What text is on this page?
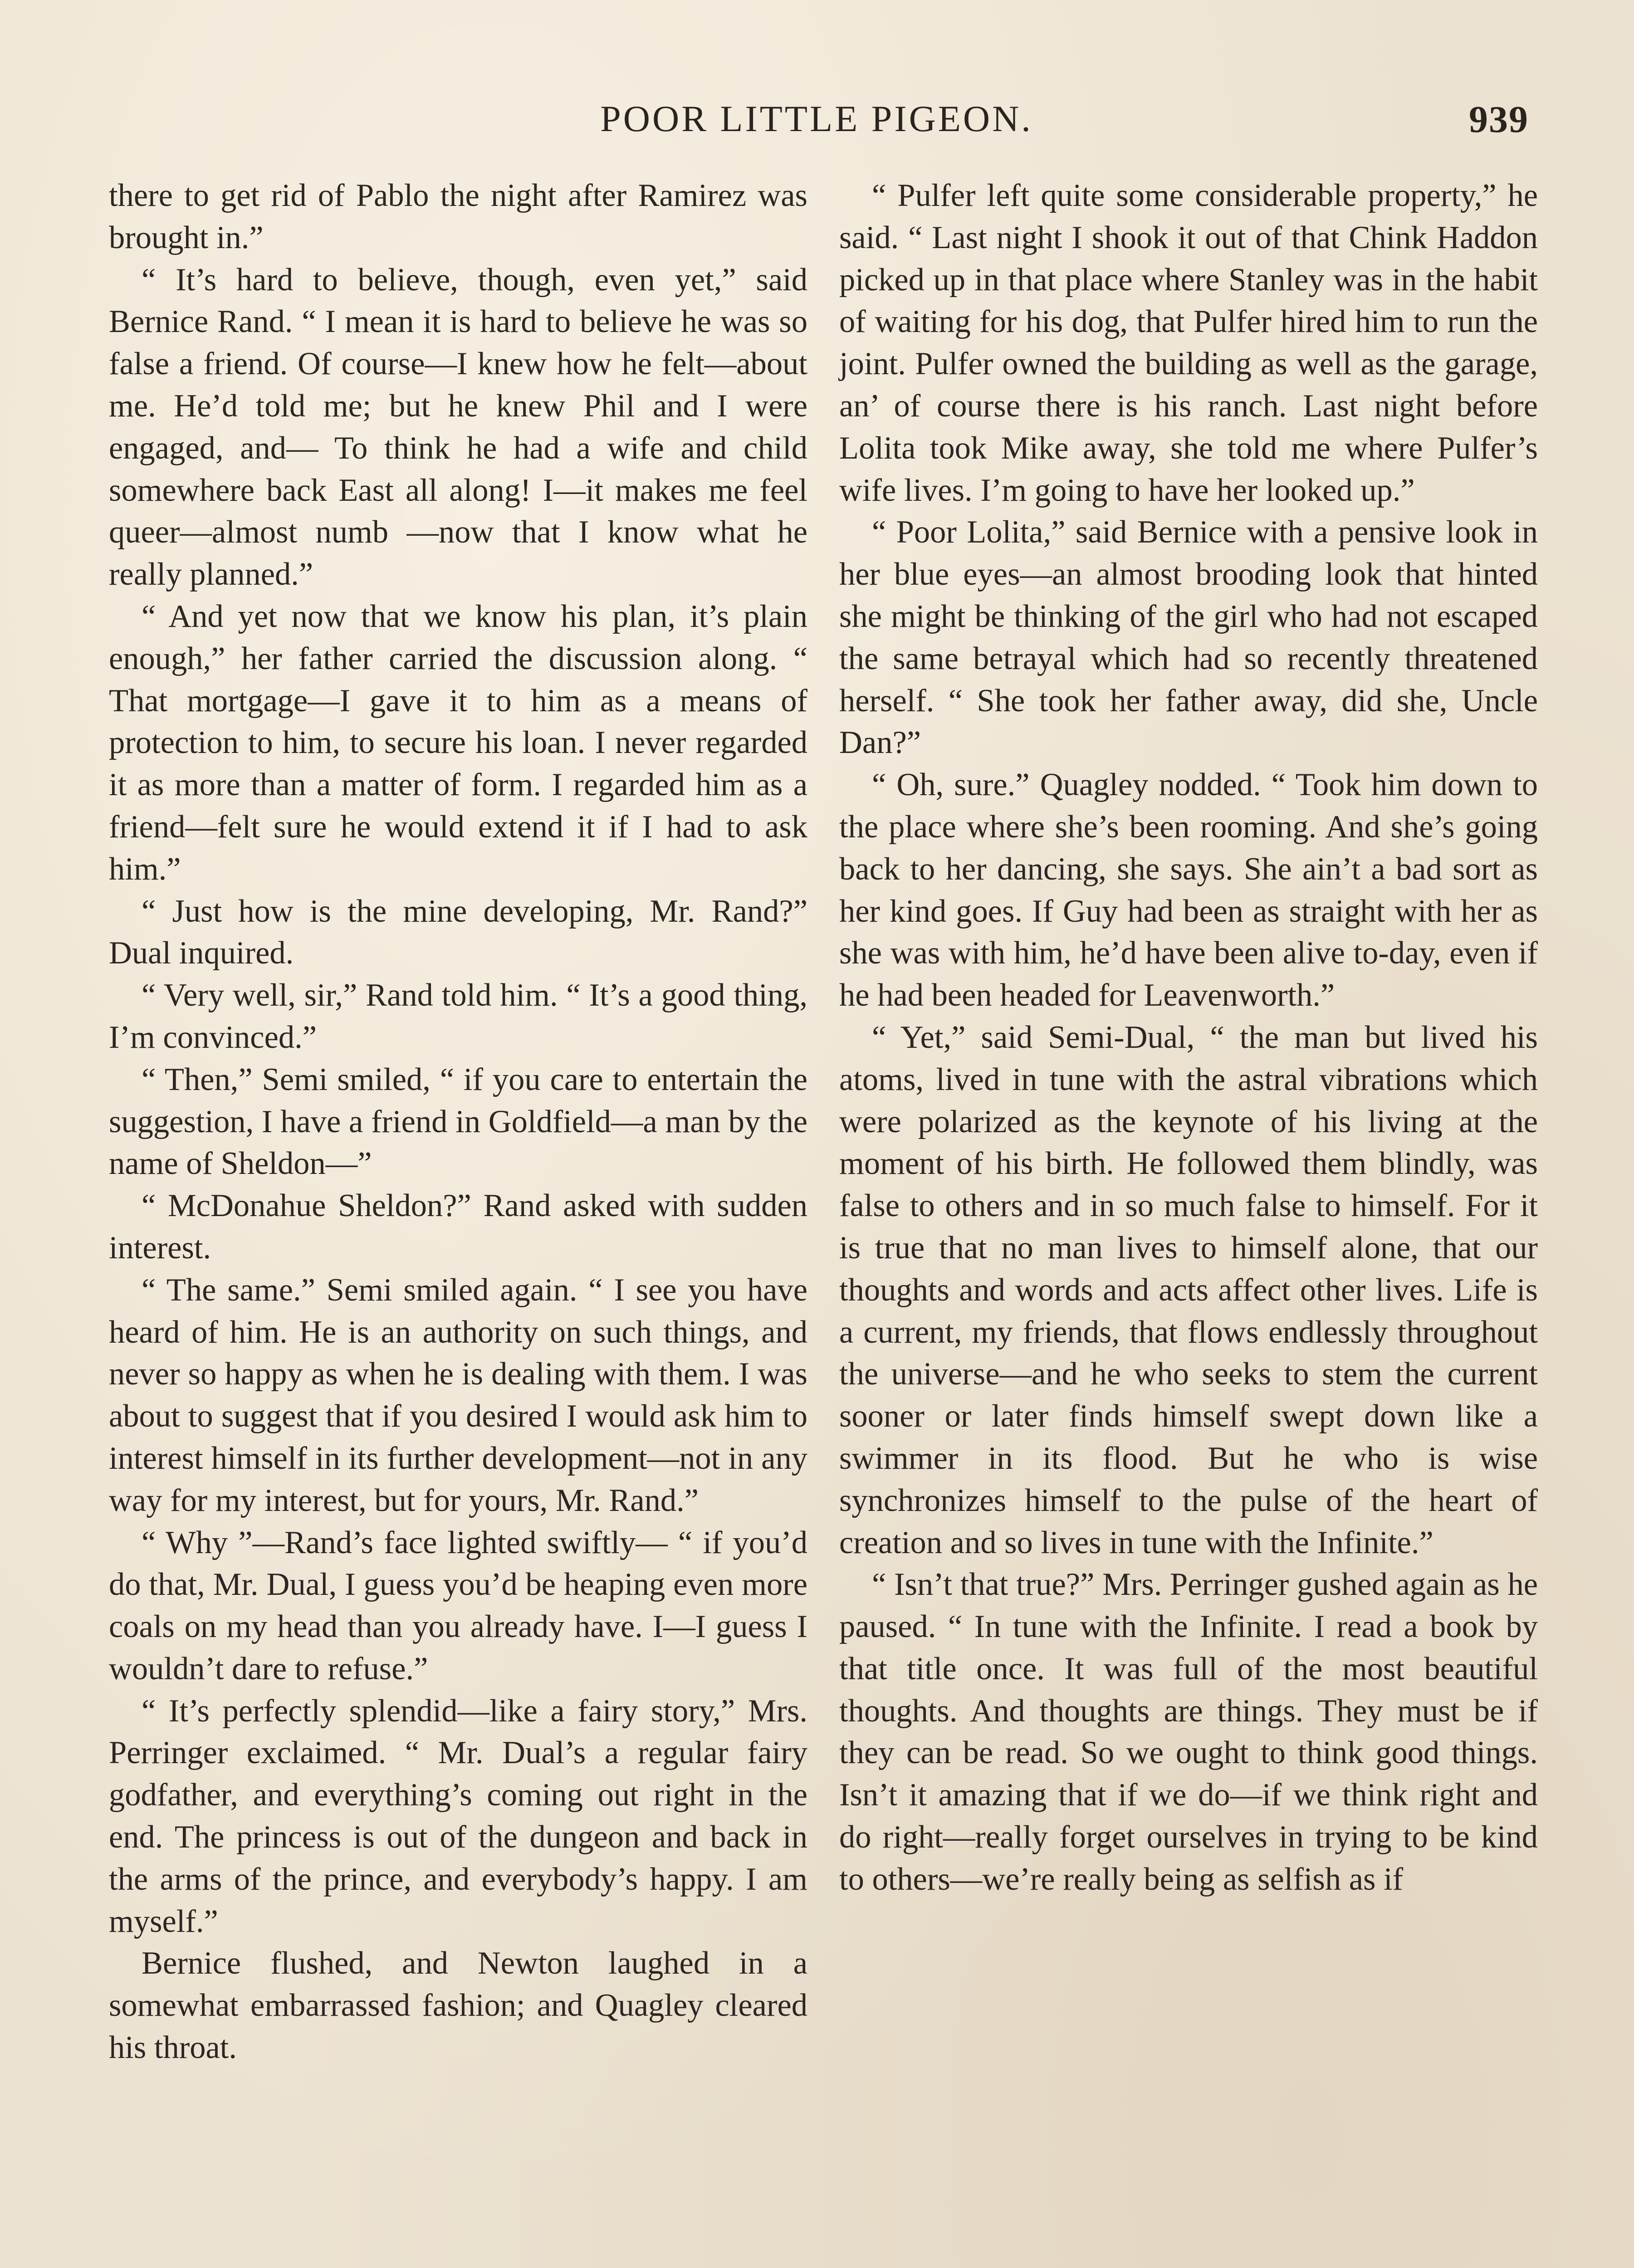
POOR LITTLE PIGEON.	939

there to get rid of Pablo the night after Ramirez was brought in.”

“ It’s hard to believe, though, even yet,” said Bernice Rand. “ I mean it is hard to believe he was so false a friend. Of course—I knew how he felt—about me. He’d told me; but he knew Phil and I were engaged, and— To think he had a wife and child somewhere back East all along! I—it makes me feel queer—almost numb —now that I know what he really planned.”

“ And yet now that we know his plan, it’s plain enough,” her father carried the discussion along. “ That mortgage—I gave it to him as a means of protection to him, to secure his loan. I never regarded it as more than a matter of form. I regarded him as a friend—felt sure he would extend it if I had to ask him.”

“ Just how is the mine developing, Mr. Rand?” Dual inquired.

“ Very well, sir,” Rand told him. “ It’s a good thing, I’m convinced.”

“ Then,” Semi smiled, “ if you care to entertain the suggestion, I have a friend in Goldfield—a man by the name of Sheldon—”

“ McDonahue Sheldon?” Rand asked with sudden interest.

“ The same.” Semi smiled again. “ I see you have heard of him. He is an authority on such things, and never so happy as when he is dealing with them. I was about to suggest that if you desired I would ask him to interest himself in its further development—not in any way for my interest, but for yours, Mr. Rand.”

“ Why ”—Rand’s face lighted swiftly— “ if you’d do that, Mr. Dual, I guess you’d be heaping even more coals on my head than you already have. I—I guess I wouldn’t dare to refuse.”

“ It’s perfectly splendid—like a fairy story,” Mrs. Perringer exclaimed. “ Mr. Dual’s a regular fairy godfather, and everything’s coming out right in the end. The princess is out of the dungeon and back in the arms of the prince, and everybody’s happy. I am myself.”

Bernice flushed, and Newton laughed in a somewhat embarrassed fashion; and Quagley cleared his throat.

“ Pulfer left quite some considerable property,” he said. “ Last night I shook it out of that Chink Haddon picked up in that place where Stanley was in the habit of waiting for his dog, that Pulfer hired him to run the joint. Pulfer owned the building as well as the garage, an’ of course there is his ranch. Last night before Lolita took Mike away, she told me where Pulfer’s wife lives. I’m going to have her looked up.”

“ Poor Lolita,” said Bernice with a pensive look in her blue eyes—an almost brooding look that hinted she might be thinking of the girl who had not escaped the same betrayal which had so recently threatened herself. “ She took her father away, did she, Uncle Dan?”

“ Oh, sure.” Quagley nodded. “ Took him down to the place where she’s been rooming. And she’s going back to her dancing, she says. She ain’t a bad sort as her kind goes. If Guy had been as straight with her as she was with him, he’d have been alive to-day, even if he had been headed for Leavenworth.”

“ Yet,” said Semi-Dual, “ the man but lived his atoms, lived in tune with the astral vibrations which were polarized as the keynote of his living at the moment of his birth. He followed them blindly, was false to others and in so much false to himself. For it is true that no man lives to himself alone, that our thoughts and words and acts affect other lives. Life is a current, my friends, that flows endlessly throughout the universe—and he who seeks to stem the current sooner or later finds himself swept down like a swimmer in its flood. But he who is wise synchronizes himself to the pulse of the heart of creation and so lives in tune with the Infinite.”

“ Isn’t that true?” Mrs. Perringer gushed again as he paused. “ In tune with the Infinite. I read a book by that title once. It was full of the most beautiful thoughts. And thoughts are things. They must be if they can be read. So we ought to think good things. Isn’t it amazing that if we do—if we think right and do right—really forget ourselves in trying to be kind to others—we’re really being as selfish as if
